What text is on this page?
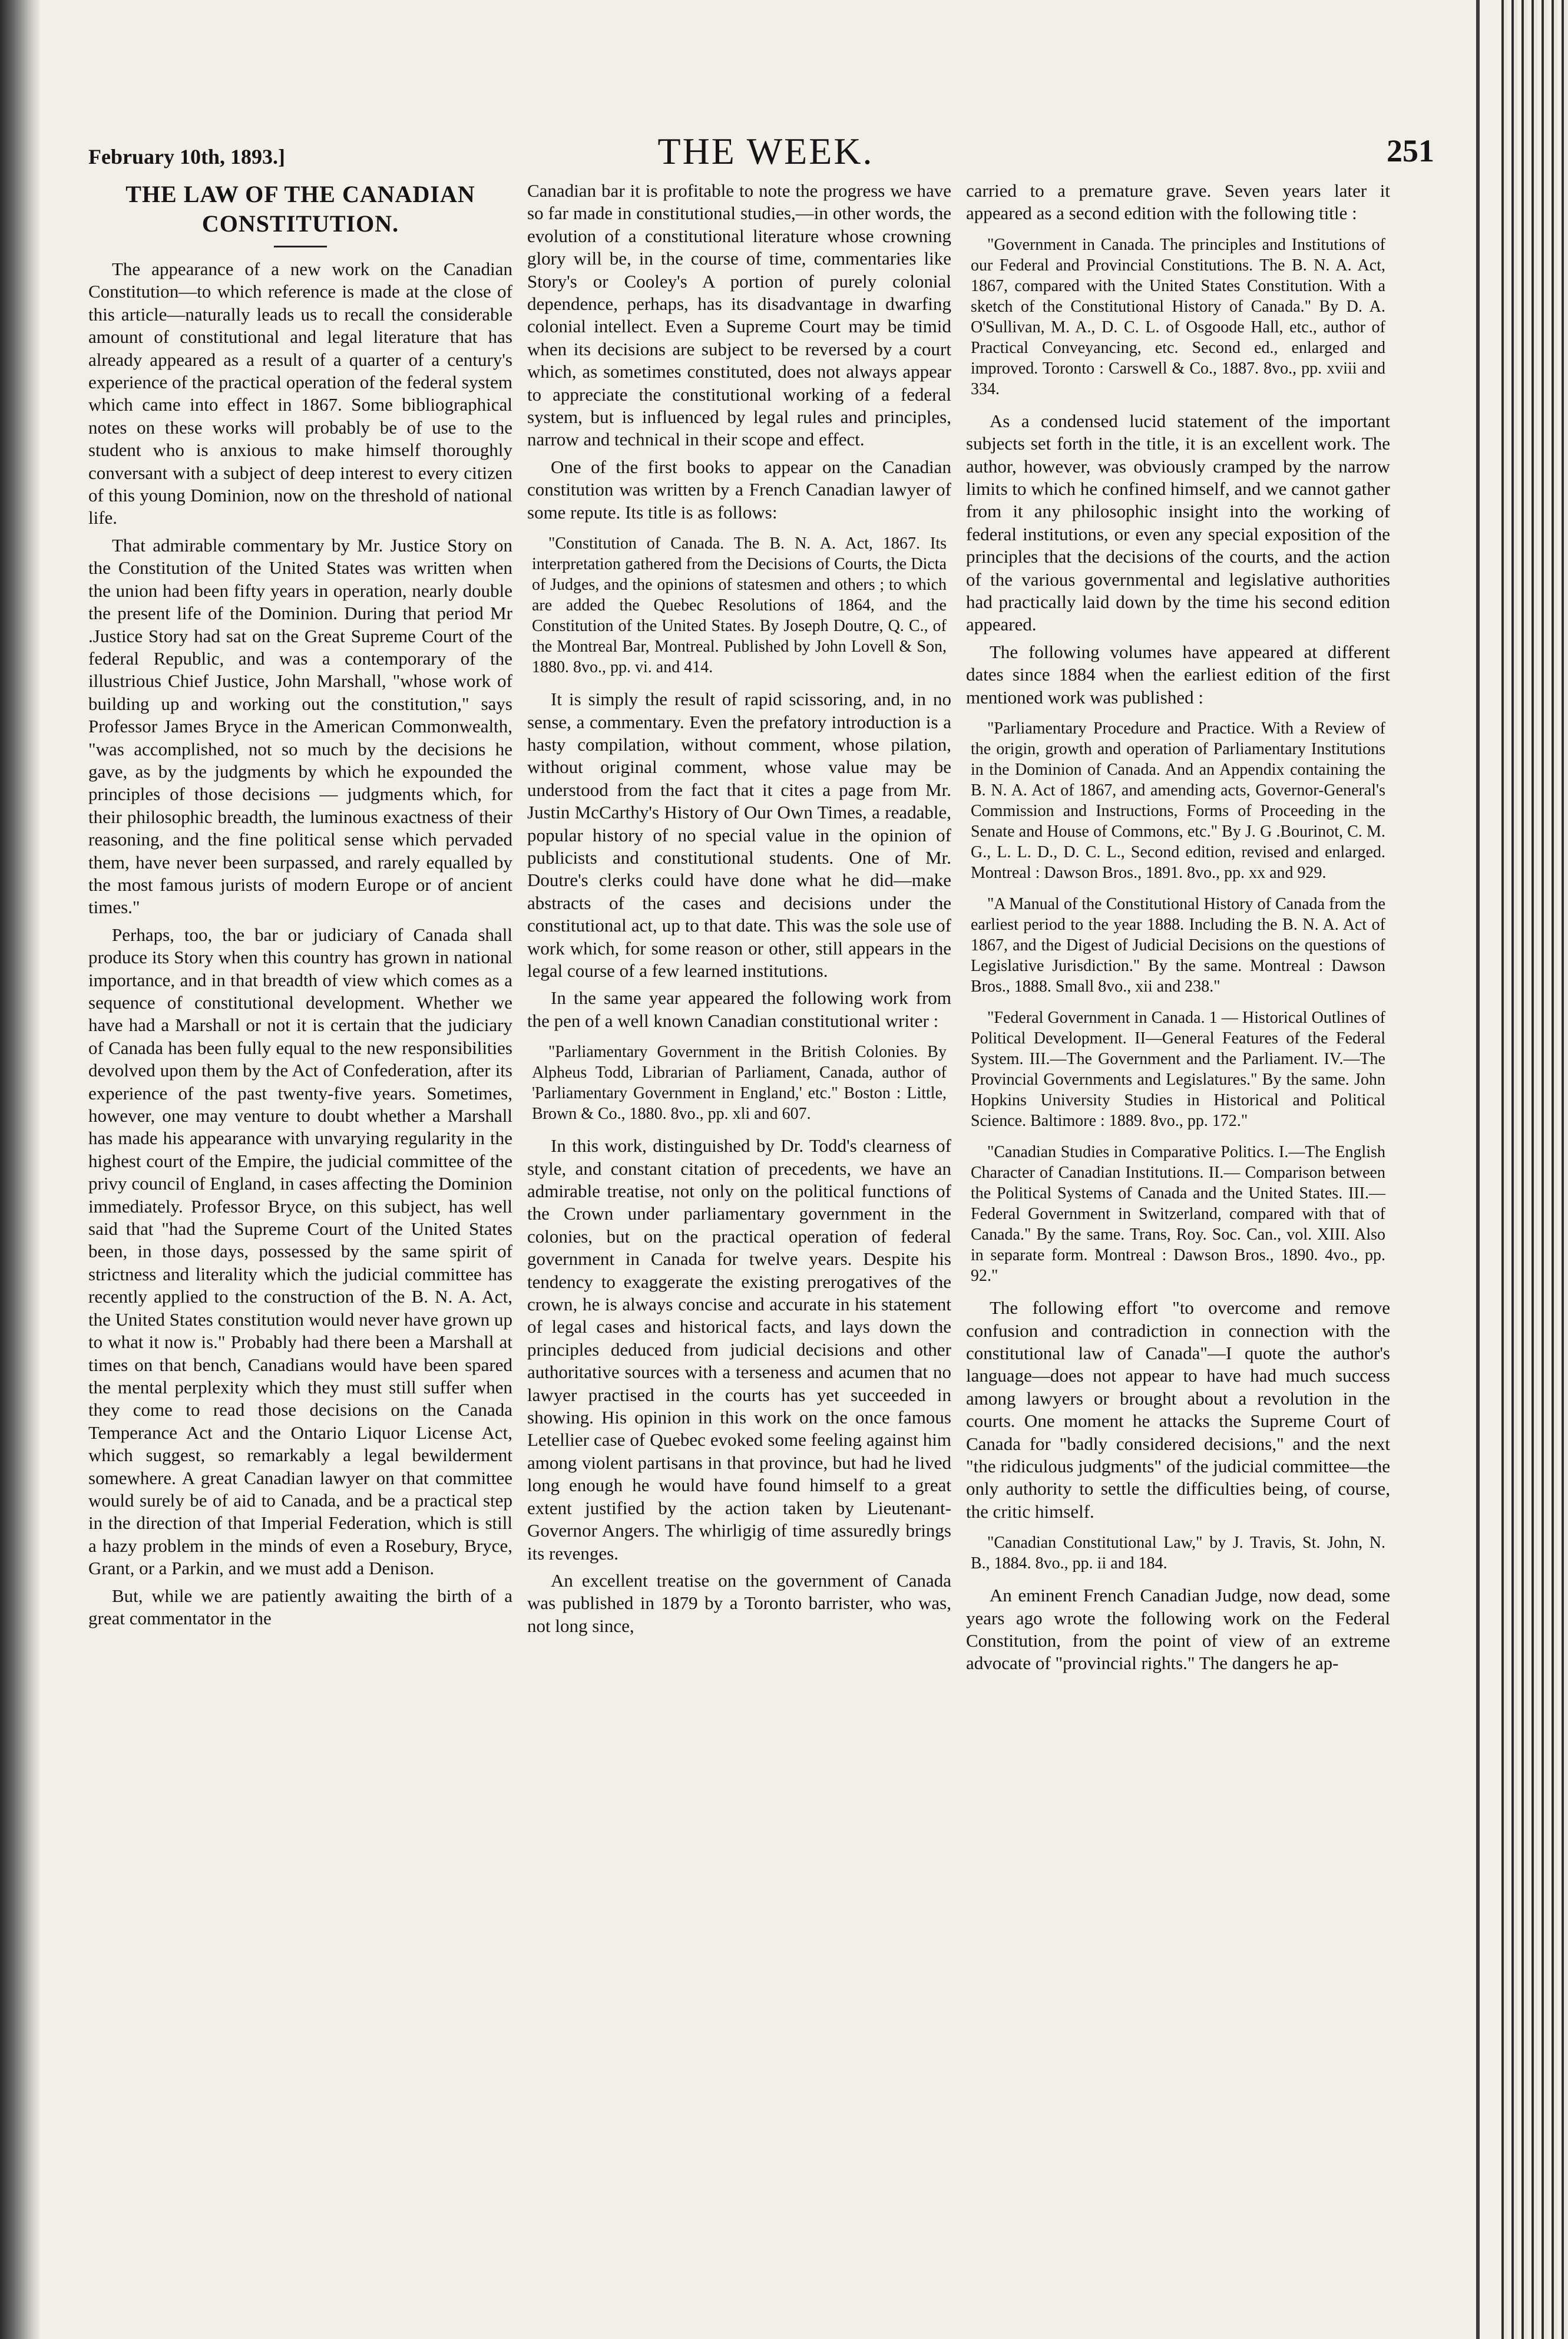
February 10th, 1893.]	THE WEEK.	251
THE LAW OF THE CANADIAN
CONSTITUTION.

The appearance of a new work on the Canadian Constitution—to which reference is made at the close of this article—naturally leads us to recall the considerable amount of constitutional and legal literature that has already appeared as a result of a quarter of a century's experience of the practical operation of the federal system which came into effect in 1867. Some bibliographical notes on these works will probably be of use to the student who is anxious to make himself thoroughly conversant with a subject of deep interest to every citizen of this young Dominion, now on the threshold of national life.

That admirable commentary by Mr. Justice Story on the Constitution of the United States was written when the union had been fifty years in operation, nearly double the present life of the Dominion. During that period Mr .Justice Story had sat on the Great Supreme Court of the federal Republic, and was a contemporary of the illustrious Chief Justice, John Marshall, "whose work of building up and working out the constitution," says Professor James Bryce in the American Commonwealth, "was accomplished, not so much by the decisions he gave, as by the judgments by which he expounded the principles of those decisions — judgments which, for their philosophic breadth, the luminous exactness of their reasoning, and the fine political sense which pervaded them, have never been surpassed, and rarely equalled by the most famous jurists of modern Europe or of ancient times."

Perhaps, too, the bar or judiciary of Canada shall produce its Story when this country has grown in national importance, and in that breadth of view which comes as a sequence of constitutional development. Whether we have had a Marshall or not it is certain that the judiciary of Canada has been fully equal to the new responsibilities devolved upon them by the Act of Confederation, after its experience of the past twenty-five years. Sometimes, however, one may venture to doubt whether a Marshall has made his appearance with unvarying regularity in the highest court of the Empire, the judicial committee of the privy council of England, in cases affecting the Dominion immediately. Professor Bryce, on this subject, has well said that "had the Supreme Court of the United States been, in those days, possessed by the same spirit of strictness and literality which the judicial committee has recently applied to the construction of the B. N. A. Act, the United States constitution would never have grown up to what it now is." Probably had there been a Marshall at times on that bench, Canadians would have been spared the mental perplexity which they must still suffer when they come to read those decisions on the Canada Temperance Act and the Ontario Liquor License Act, which suggest, so remarkably a legal bewilderment somewhere. A great Canadian lawyer on that committee would surely be of aid to Canada, and be a practical step in the direction of that Imperial Federation, which is still a hazy problem in the minds of even a Rosebury, Bryce, Grant, or a Parkin, and we must add a Denison.

But, while we are patiently awaiting the birth of a great commentator in the

Canadian bar it is profitable to note the progress we have so far made in constitutional studies,—in other words, the evolution of a constitutional literature whose crowning glory will be, in the course of time, commentaries like Story's or Cooley's A portion of purely colonial dependence, perhaps, has its disadvantage in dwarfing colonial intellect. Even a Supreme Court may be timid when its decisions are subject to be reversed by a court which, as sometimes constituted, does not always appear to appreciate the constitutional working of a federal system, but is influenced by legal rules and principles, narrow and technical in their scope and effect.

One of the first books to appear on the Canadian constitution was written by a French Canadian lawyer of some repute. Its title is as follows:

"Constitution of Canada. The B. N. A. Act, 1867. Its interpretation gathered from the Decisions of Courts, the Dicta of Judges, and the opinions of statesmen and others ; to which are added the Quebec Resolutions of 1864, and the Constitution of the United States. By Joseph Doutre, Q. C., of the Montreal Bar, Montreal. Published by John Lovell & Son, 1880. 8vo., pp. vi. and 414.

It is simply the result of rapid scissoring, and, in no sense, a commentary. Even the prefatory introduction is a hasty compilation, without comment, whose pilation, without original comment, whose value may be understood from the fact that it cites a page from Mr. Justin McCarthy's History of Our Own Times, a readable, popular history of no special value in the opinion of publicists and constitutional students. One of Mr. Doutre's clerks could have done what he did—make abstracts of the cases and decisions under the constitutional act, up to that date. This was the sole use of work which, for some reason or other, still appears in the legal course of a few learned institutions.

In the same year appeared the following work from the pen of a well known Canadian constitutional writer :

"Parliamentary Government in the British Colonies. By Alpheus Todd, Librarian of Parliament, Canada, author of 'Parliamentary Government in England,' etc." Boston : Little, Brown & Co., 1880. 8vo., pp. xli and 607.

In this work, distinguished by Dr. Todd's clearness of style, and constant citation of precedents, we have an admirable treatise, not only on the political functions of the Crown under parliamentary government in the colonies, but on the practical operation of federal government in Canada for twelve years. Despite his tendency to exaggerate the existing prerogatives of the crown, he is always concise and accurate in his statement of legal cases and historical facts, and lays down the principles deduced from judicial decisions and other authoritative sources with a terseness and acumen that no lawyer practised in the courts has yet succeeded in showing. His opinion in this work on the once famous Letellier case of Quebec evoked some feeling against him among violent partisans in that province, but had he lived long enough he would have found himself to a great extent justified by the action taken by Lieutenant-Governor Angers. The whirligig of time assuredly brings its revenges.

An excellent treatise on the government of Canada was published in 1879 by a Toronto barrister, who was, not long since,

carried to a premature grave. Seven years later it appeared as a second edition with the following title :

"Government in Canada. The principles and Institutions of our Federal and Provincial Constitutions. The B. N. A. Act, 1867, compared with the United States Constitution. With a sketch of the Constitutional History of Canada." By D. A. O'Sullivan, M. A., D. C. L. of Osgoode Hall, etc., author of Practical Conveyancing, etc. Second ed., enlarged and improved. Toronto : Carswell & Co., 1887. 8vo., pp. xviii and 334.

As a condensed lucid statement of the important subjects set forth in the title, it is an excellent work. The author, however, was obviously cramped by the narrow limits to which he confined himself, and we cannot gather from it any philosophic insight into the working of federal institutions, or even any special exposition of the principles that the decisions of the courts, and the action of the various governmental and legislative authorities had practically laid down by the time his second edition appeared.

The following volumes have appeared at different dates since 1884 when the earliest edition of the first mentioned work was published :

"Parliamentary Procedure and Practice. With a Review of the origin, growth and operation of Parliamentary Institutions in the Dominion of Canada. And an Appendix containing the B. N. A. Act of 1867, and amending acts, Governor-General's Commission and Instructions, Forms of Proceeding in the Senate and House of Commons, etc." By J. G .Bourinot, C. M. G., L. L. D., D. C. L., Second edition, revised and enlarged. Montreal : Dawson Bros., 1891. 8vo., pp. xx and 929.
"A Manual of the Constitutional History of Canada from the earliest period to the year 1888. Including the B. N. A. Act of 1867, and the Digest of Judicial Decisions on the questions of Legislative Jurisdiction." By the same. Montreal : Dawson Bros., 1888. Small 8vo., xii and 238."
"Federal Government in Canada. 1 — Historical Outlines of Political Development. II—General Features of the Federal System. III.—The Government and the Parliament. IV.—The Provincial Governments and Legislatures." By the same. John Hopkins University Studies in Historical and Political Science. Baltimore : 1889. 8vo., pp. 172."
"Canadian Studies in Comparative Politics. I.—The English Character of Canadian Institutions. II.— Comparison between the Political Systems of Canada and the United States. III.—Federal Government in Switzerland, compared with that of Canada." By the same. Trans, Roy. Soc. Can., vol. XIII. Also in separate form. Montreal : Dawson Bros., 1890. 4vo., pp. 92."

The following effort "to overcome and remove confusion and contradiction in connection with the constitutional law of Canada"—I quote the author's language—does not appear to have had much success among lawyers or brought about a revolution in the courts. One moment he attacks the Supreme Court of Canada for "badly considered decisions," and the next "the ridiculous judgments" of the judicial committee—the only authority to settle the difficulties being, of course, the critic himself.

"Canadian Constitutional Law," by J. Travis, St. John, N. B., 1884. 8vo., pp. ii and 184.

An eminent French Canadian Judge, now dead, some years ago wrote the following work on the Federal Constitution, from the point of view of an extreme advocate of "provincial rights." The dangers he ap-
